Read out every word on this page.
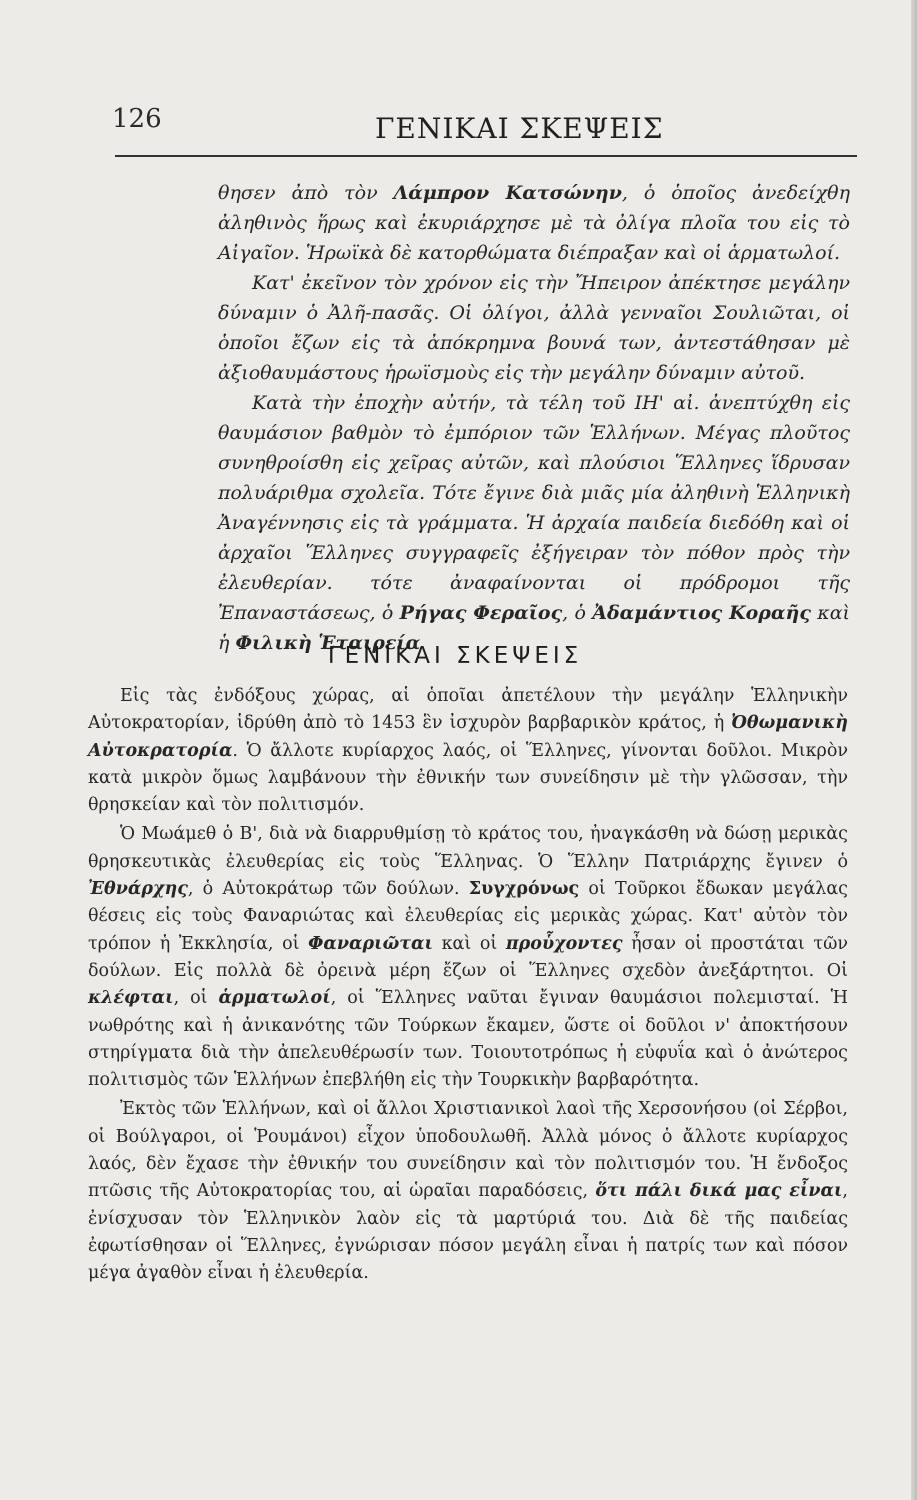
126	ΓΕΝΙΚΑΙ ΣΚΕΨΕΙΣ

θησεν ἀπὸ τὸν Λάμπρον Κατσώνην, ὁ ὁποῖος ἀνεδείχθη ἀληθινὸς ἥρως καὶ ἐκυριάρχησε μὲ τὰ ὀλίγα πλοῖα του εἰς τὸ Αἰγαῖον. Ἡρωϊκὰ δὲ κατορθώματα διέπραξαν καὶ οἱ ἁρματωλοί.

Κατ' ἐκεῖνον τὸν χρόνον εἰς τὴν Ἤπειρον ἀπέκτησε μεγάλην δύναμιν ὁ Ἀλῆ-πασᾶς. Οἱ ὀλίγοι, ἀλλὰ γενναῖοι Σουλιῶται, οἱ ὁποῖοι ἔζων εἰς τὰ ἀπόκρημνα βουνά των, ἀντεστάθησαν μὲ ἀξιοθαυμάστους ἡρωϊσμοὺς εἰς τὴν μεγάλην δύναμιν αὐτοῦ.

Κατὰ τὴν ἐποχὴν αὐτήν, τὰ τέλη τοῦ ΙΗ' αἰ. ἀνεπτύχθη εἰς θαυμάσιον βαθμὸν τὸ ἐμπόριον τῶν Ἑλλήνων. Μέγας πλοῦτος συνηθροίσθη εἰς χεῖρας αὐτῶν, καὶ πλούσιοι Ἕλληνες ἵδρυσαν πολυάριθμα σχολεῖα. Τότε ἔγινε διὰ μιᾶς μία ἀληθινὴ Ἑλληνικὴ Ἀναγέννησις εἰς τὰ γράμματα. Ἡ ἀρχαία παιδεία διεδόθη καὶ οἱ ἀρχαῖοι Ἕλληνες συγγραφεῖς ἐξήγειραν τὸν πόθον πρὸς τὴν ἐλευθερίαν. τότε ἀναφαίνονται οἱ πρόδρομοι τῆς Ἐπαναστάσεως, ὁ Ρήγας Φεραῖος, ὁ Ἀδαμάντιος Κοραῆς καὶ ἡ Φιλικὴ Ἑταιρεία

ΓΕΝΙΚΑΙ ΣΚΕΨΕΙΣ

Εἰς τὰς ἐνδόξους χώρας, αἱ ὁποῖαι ἀπετέλουν τὴν μεγάλην Ἑλληνικὴν Αὐτοκρατορίαν, ἱδρύθη ἀπὸ τὸ 1453 ἓν ἰσχυρὸν βαρβαρικὸν κράτος, ἡ Ὀθωμανικὴ Αὐτοκρατορία. Ὁ ἄλλοτε κυρίαρχος λαός, οἱ Ἕλληνες, γίνονται δοῦλοι. Μικρὸν κατὰ μικρὸν ὅμως λαμβάνουν τὴν ἐθνικήν των συνείδησιν μὲ τὴν γλῶσσαν, τὴν θρησκείαν καὶ τὸν πολιτισμόν.

Ὁ Μωάμεθ ὁ Β', διὰ νὰ διαρρυθμίσῃ τὸ κράτος του, ἠναγκάσθη νὰ δώσῃ μερικὰς θρησκευτικὰς ἐλευθερίας εἰς τοὺς Ἕλληνας. Ὁ Ἕλλην Πατριάρχης ἔγινεν ὁ Ἐθνάρχης, ὁ Αὐτοκράτωρ τῶν δούλων. Συγχρόνως οἱ Τοῦρκοι ἔδωκαν μεγάλας θέσεις εἰς τοὺς Φαναριώτας καὶ ἐλευθερίας εἰς μερικὰς χώρας. Κατ' αὐτὸν τὸν τρόπον ἡ Ἐκκλησία, οἱ Φαναριῶται καὶ οἱ προὗχοντες ἦσαν οἱ προστάται τῶν δούλων. Εἰς πολλὰ δὲ ὀρεινὰ μέρη ἔζων οἱ Ἕλληνες σχεδὸν ἀνεξάρτητοι. Οἱ κλέφται, οἱ ἁρματωλοί, οἱ Ἕλληνες ναῦται ἔγιναν θαυμάσιοι πολεμισταί. Ἡ νωθρότης καὶ ἡ ἀνικανότης τῶν Τούρκων ἔκαμεν, ὥστε οἱ δοῦλοι ν' ἀποκτήσουν στηρίγματα διὰ τὴν ἀπελευθέρωσίν των. Τοιουτοτρόπως ἡ εὐφυΐα καὶ ὁ ἀνώτερος πολιτισμὸς τῶν Ἑλλήνων ἐπεβλήθη εἰς τὴν Τουρκικὴν βαρβαρότητα.

Ἐκτὸς τῶν Ἑλλήνων, καὶ οἱ ἄλλοι Χριστιανικοὶ λαοὶ τῆς Χερσονήσου (οἱ Σέρβοι, οἱ Βούλγαροι, οἱ Ῥουμάνοι) εἶχον ὑποδουλωθῆ. Ἀλλὰ μόνος ὁ ἄλλοτε κυρίαρχος λαός, δὲν ἔχασε τὴν ἐθνικήν του συνείδησιν καὶ τὸν πολιτισμόν του. Ἡ ἔνδοξος πτῶσις τῆς Αὐτοκρατορίας του, αἱ ὡραῖαι παραδόσεις, ὅτι πάλι δικά μας εἶναι, ἐνίσχυσαν τὸν Ἑλληνικὸν λαὸν εἰς τὰ μαρτύριά του. Διὰ δὲ τῆς παιδείας ἐφωτίσθησαν οἱ Ἕλληνες, ἐγνώρισαν πόσον μεγάλη εἶναι ἡ πατρίς των καὶ πόσον μέγα ἀγαθὸν εἶναι ἡ ἐλευθερία.
